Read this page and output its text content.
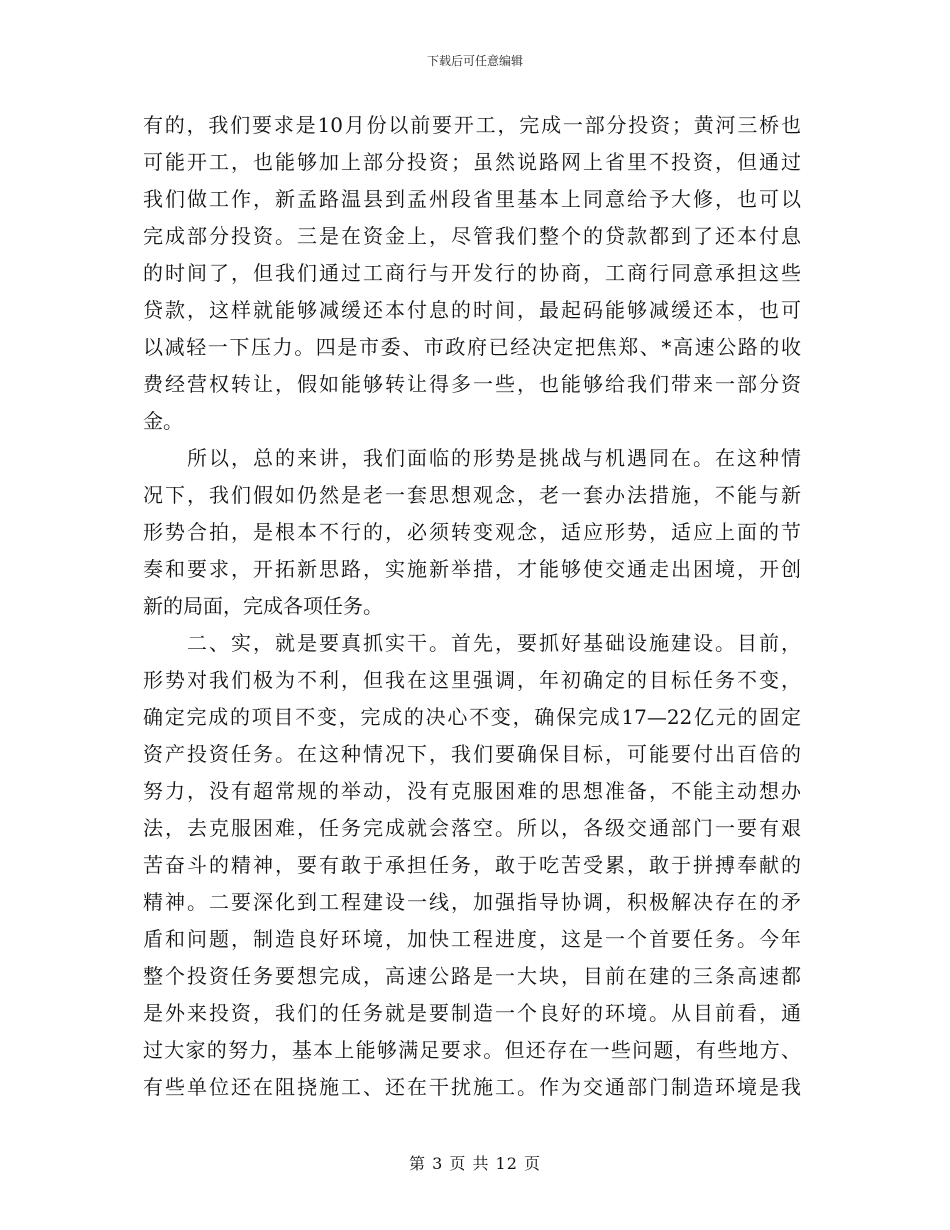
下载后可任意编辑
有的，我们要求是10月份以前要开工，完成一部分投资；黄河三桥也
可能开工，也能够加上部分投资；虽然说路网上省里不投资，但通过
我们做工作，新孟路温县到孟州段省里基本上同意给予大修，也可以
完成部分投资。三是在资金上，尽管我们整个的贷款都到了还本付息
的时间了，但我们通过工商行与开发行的协商，工商行同意承担这些
贷款，这样就能够减缓还本付息的时间，最起码能够减缓还本，也可
以减轻一下压力。四是市委、市政府已经决定把焦郑、*高速公路的收
费经营权转让，假如能够转让得多一些，也能够给我们带来一部分资
金。
所以，总的来讲，我们面临的形势是挑战与机遇同在。在这种情
况下，我们假如仍然是老一套思想观念，老一套办法措施，不能与新
形势合拍，是根本不行的，必须转变观念，适应形势，适应上面的节
奏和要求，开拓新思路，实施新举措，才能够使交通走出困境，开创
新的局面，完成各项任务。
二、实，就是要真抓实干。首先，要抓好基础设施建设。目前，
形势对我们极为不利，但我在这里强调，年初确定的目标任务不变，
确定完成的项目不变，完成的决心不变，确保完成17—22亿元的固定
资产投资任务。在这种情况下，我们要确保目标，可能要付出百倍的
努力，没有超常规的举动，没有克服困难的思想准备，不能主动想办
法，去克服困难，任务完成就会落空。所以，各级交通部门一要有艰
苦奋斗的精神，要有敢于承担任务，敢于吃苦受累，敢于拼搏奉献的
精神。二要深化到工程建设一线，加强指导协调，积极解决存在的矛
盾和问题，制造良好环境，加快工程进度，这是一个首要任务。今年
整个投资任务要想完成，高速公路是一大块，目前在建的三条高速都
是外来投资，我们的任务就是要制造一个良好的环境。从目前看，通
过大家的努力，基本上能够满足要求。但还存在一些问题，有些地方、
有些单位还在阻挠施工、还在干扰施工。作为交通部门制造环境是我
第 3 页 共 12 页
